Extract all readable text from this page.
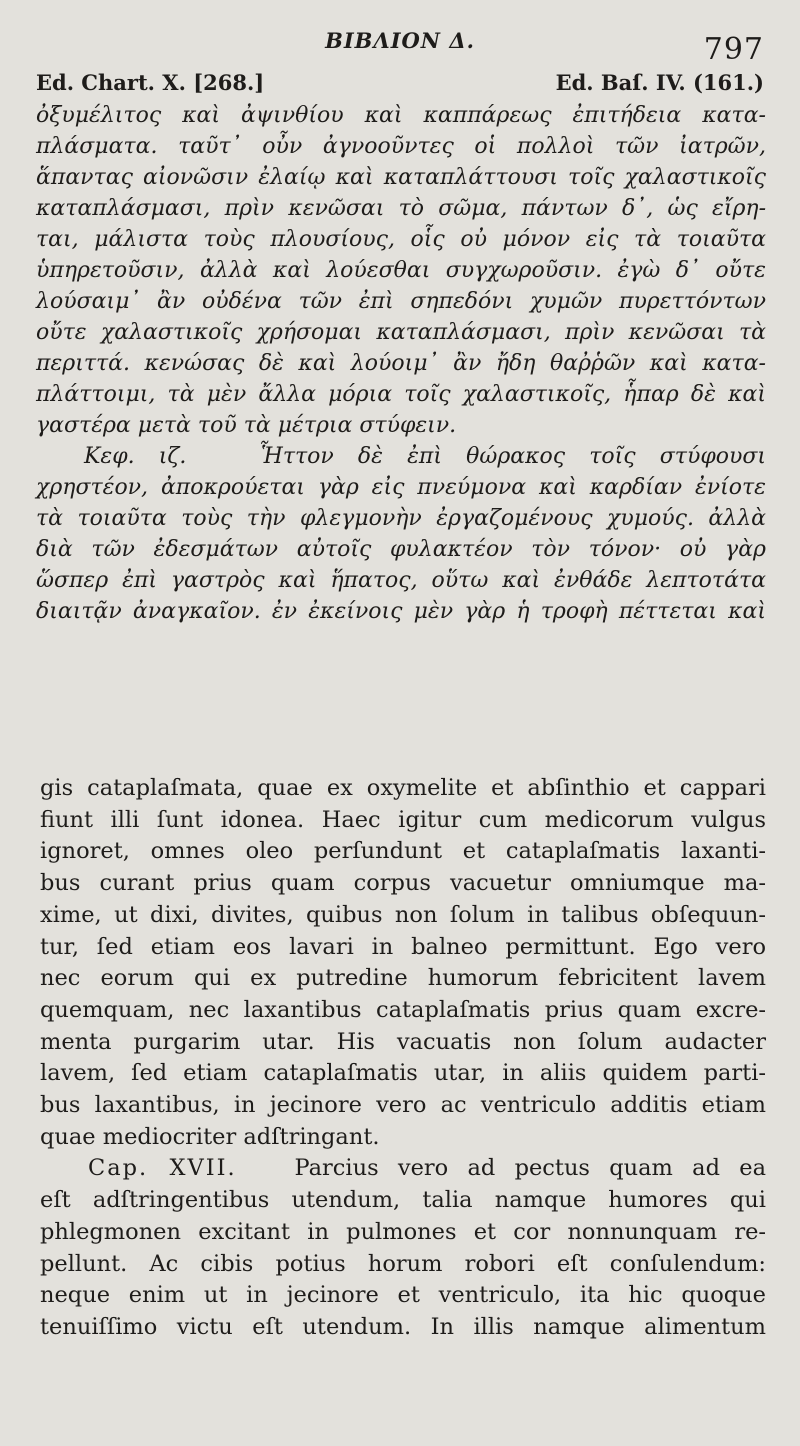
BIBΛΙΟΝ Δ.	797
Ed. Chart. X. [268.]	Ed. Baſ. IV. (161.)
ὀξυμέλιτος καὶ ἀψινθίου καὶ καππάρεως ἐπιτήδεια κατα-
πλάσματα. ταῦτ᾿ οὖν ἀγνοοῦντες οἱ πολλοὶ τῶν ἰατρῶν,
ἅπαντας αἰονῶσιν ἐλαίῳ καὶ καταπλάττουσι τοῖς χαλαστικοῖς
καταπλάσμασι, πρὶν κενῶσαι τὸ σῶμα, πάντων δ᾿, ὡς εἴρη-
ται, μάλιστα τοὺς πλουσίους, οἷς οὐ μόνον εἰς τὰ τοιαῦτα
ὑπηρετοῦσιν, ἀλλὰ καὶ λούεσθαι συγχωροῦσιν. ἐγὼ δ᾿ οὔτε
λούσαιμ᾿ ἂν οὐδένα τῶν ἐπὶ σηπεδόνι χυμῶν πυρεττόντων
οὔτε χαλαστικοῖς χρήσομαι καταπλάσμασι, πρὶν κενῶσαι τὰ
περιττά. κενώσας δὲ καὶ λούοιμ᾿ ἂν ἤδη θαῤῥῶν καὶ κατα-
πλάττοιμι, τὰ μὲν ἄλλα μόρια τοῖς χαλαστικοῖς, ἧπαρ δὲ καὶ
γαστέρα μετὰ τοῦ τὰ μέτρια στύφειν.
Κεφ. ιζ.	Ἧττον δὲ ἐπὶ θώρακος τοῖς στύφουσι
χρηστέον, ἀποκρούεται γὰρ εἰς πνεύμονα καὶ καρδίαν ἐνίοτε
τὰ τοιαῦτα τοὺς τὴν φλεγμονὴν ἐργαζομένους χυμούς. ἀλλὰ
διὰ τῶν ἐδεσμάτων αὐτοῖς φυλακτέον τὸν τόνον· οὐ γὰρ
ὥσπερ ἐπὶ γαστρὸς καὶ ἥπατος, οὕτω καὶ ἐνθάδε λεπτοτάτα
διαιτᾷν ἀναγκαῖον. ἐν ἐκείνοις μὲν γὰρ ἡ τροφὴ πέττεται καὶ
gis cataplaſmata, quae ex oxymelite et abſinthio et cappari
fiunt illi ſunt idonea. Haec igitur cum medicorum vulgus
ignoret, omnes oleo perſundunt et cataplaſmatis laxanti-
bus curant prius quam corpus vacuetur omniumque ma-
xime, ut dixi, divites, quibus non ſolum in talibus obſequun-
tur, ſed etiam eos lavari in balneo permittunt. Ego vero
nec eorum qui ex putredine humorum febricitent lavem
quemquam, nec laxantibus cataplaſmatis prius quam excre-
menta purgarim utar. His vacuatis non ſolum audacter
lavem, ſed etiam cataplaſmatis utar, in aliis quidem parti-
bus laxantibus, in jecinore vero ac ventriculo additis etiam
quae mediocriter adſtringant.
Cap. XVII.	Parcius vero ad pectus quam ad ea
eſt adſtringentibus utendum, talia namque humores qui
phlegmonen excitant in pulmones et cor nonnunquam re-
pellunt. Ac cibis potius horum robori eſt conſulendum:
neque enim ut in jecinore et ventriculo, ita hic quoque
tenuiſſimo victu eſt utendum. In illis namque alimentum
